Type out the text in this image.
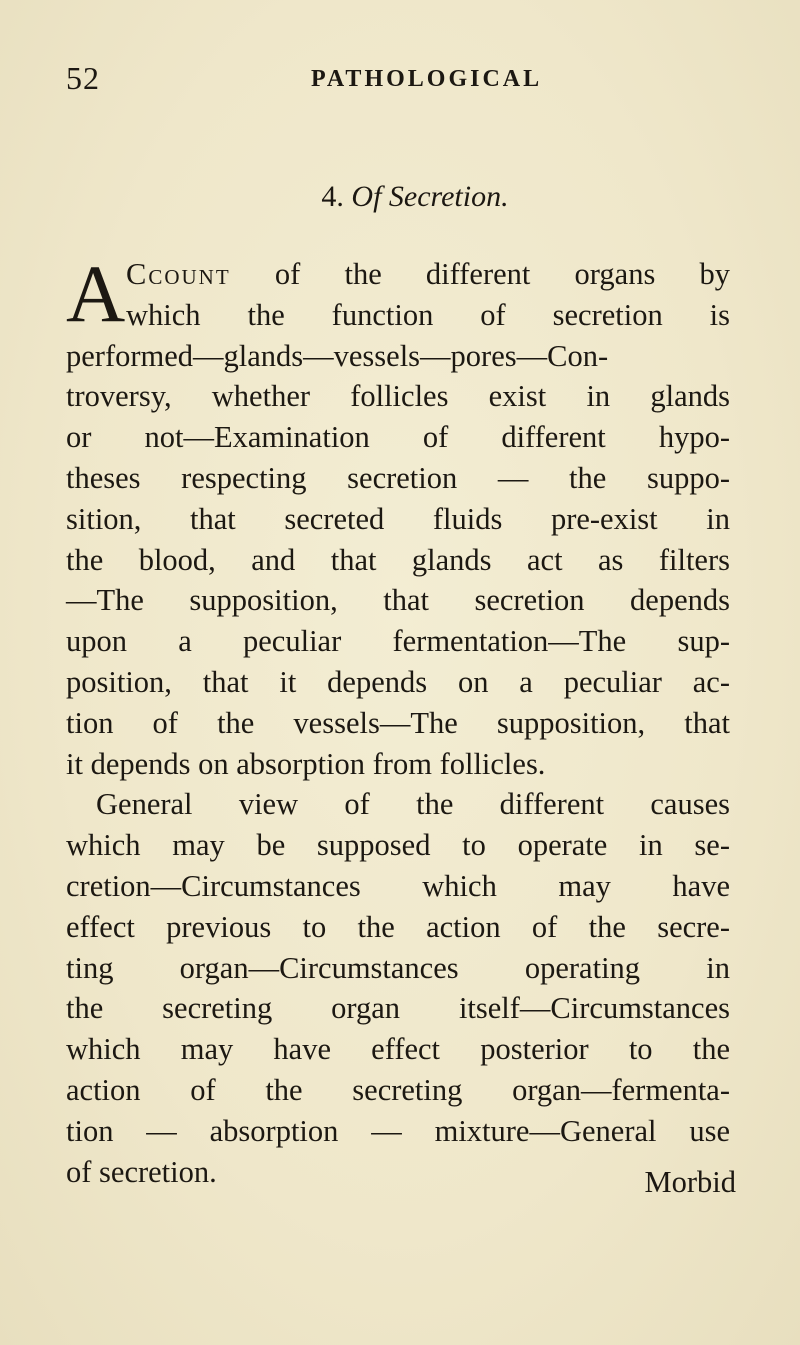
52	PATHOLOGICAL
4. Of Secretion.
A Ccount of the different organs by
which the function of secretion is
performed—glands—vessels—pores—Con-
troversy, whether follicles exist in glands
or not—Examination of different hypo-
theses respecting secretion — the suppo-
sition, that secreted fluids pre-exist in
the blood, and that glands act as filters
—The supposition, that secretion depends
upon a peculiar fermentation—The sup-
position, that it depends on a peculiar ac-
tion of the vessels—The supposition, that
it depends on absorption from follicles.
General view of the different causes
which may be supposed to operate in se-
cretion—Circumstances which may have
effect previous to the action of the secre-
ting organ—Circumstances operating in
the secreting organ itself—Circumstances
which may have effect posterior to the
action of the secreting organ—fermenta-
tion — absorption — mixture—General use
of secretion.	Morbid
